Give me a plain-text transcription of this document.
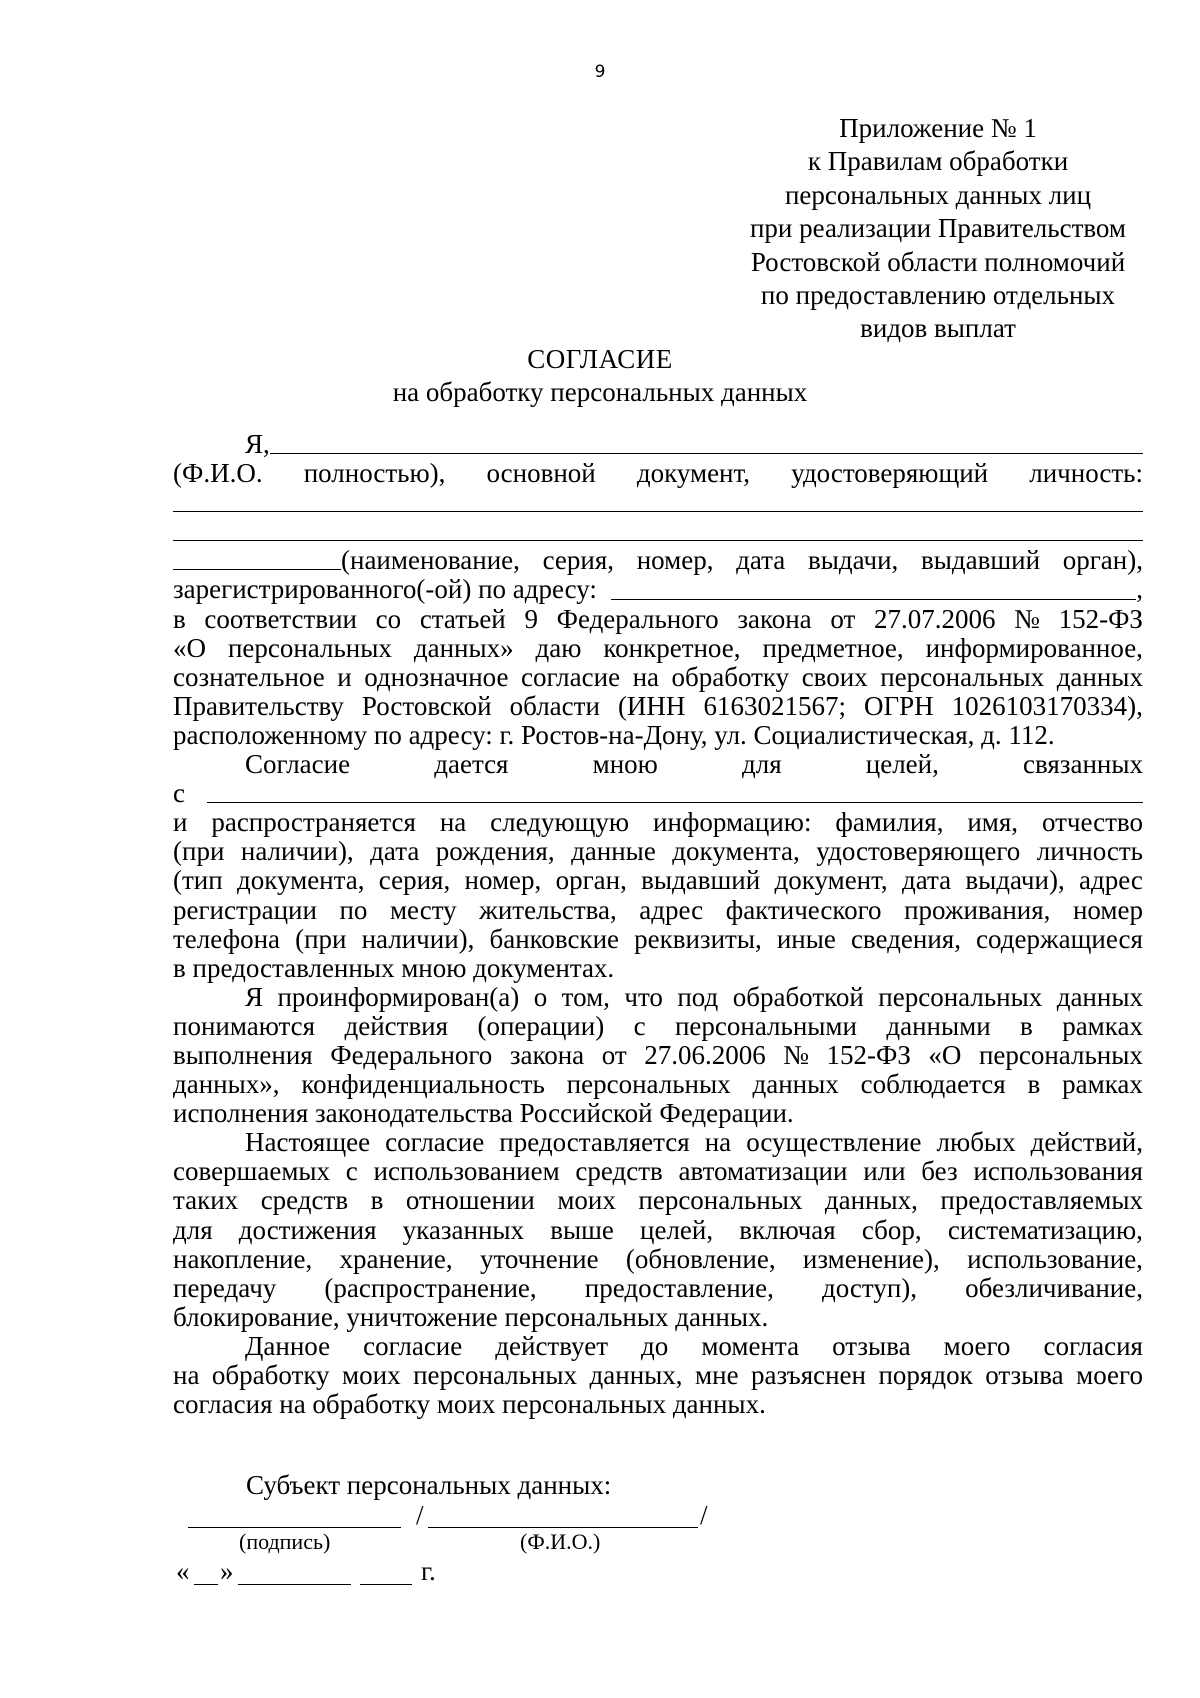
9
Приложение № 1
к Правилам обработки
персональных данных лиц
при реализации Правительством
Ростовской области полномочий
по предоставлению отдельных
видов выплат
СОГЛАСИЕ
на обработку персональных данных
Я,
(Ф.И.О. полностью), основной документ, удостоверяющий личность:
(наименование, серия, номер, дата выдачи, выдавший орган),
зарегистрированного(-ой) по адресу:	,
в соответствии со статьей 9 Федерального закона от 27.07.2006 № 152-ФЗ
«О персональных данных» даю конкретное, предметное, информированное,
сознательное и однозначное согласие на обработку своих персональных данных
Правительству Ростовской области (ИНН 6163021567; ОГРН 1026103170334),
расположенному по адресу: г. Ростов-на-Дону, ул. Социалистическая, д. 112.
Согласие	дается	мною	для	целей,	связанных
с
и распространяется на следующую информацию: фамилия, имя, отчество
(при наличии), дата рождения, данные документа, удостоверяющего личность
(тип документа, серия, номер, орган, выдавший документ, дата выдачи), адрес
регистрации по месту жительства, адрес фактического проживания, номер
телефона (при наличии), банковские реквизиты, иные сведения, содержащиеся
в предоставленных мною документах.
Я проинформирован(а) о том, что под обработкой персональных данных
понимаются действия (операции) с персональными данными в рамках
выполнения Федерального закона от 27.06.2006 № 152-ФЗ «О персональных
данных», конфиденциальность персональных данных соблюдается в рамках
исполнения законодательства Российской Федерации.
Настоящее согласие предоставляется на осуществление любых действий,
совершаемых с использованием средств автоматизации или без использования
таких средств в отношении моих персональных данных, предоставляемых
для достижения указанных выше целей, включая сбор, систематизацию,
накопление, хранение, уточнение (обновление, изменение), использование,
передачу (распространение, предоставление, доступ), обезличивание,
блокирование, уничтожение персональных данных.
Данное согласие действует до момента отзыва моего согласия
на обработку моих персональных данных, мне разъяснен порядок отзыва моего
согласия на обработку моих персональных данных.
Субъект персональных данных:
/	/
(подпись)	(Ф.И.О.)
« »	г.
